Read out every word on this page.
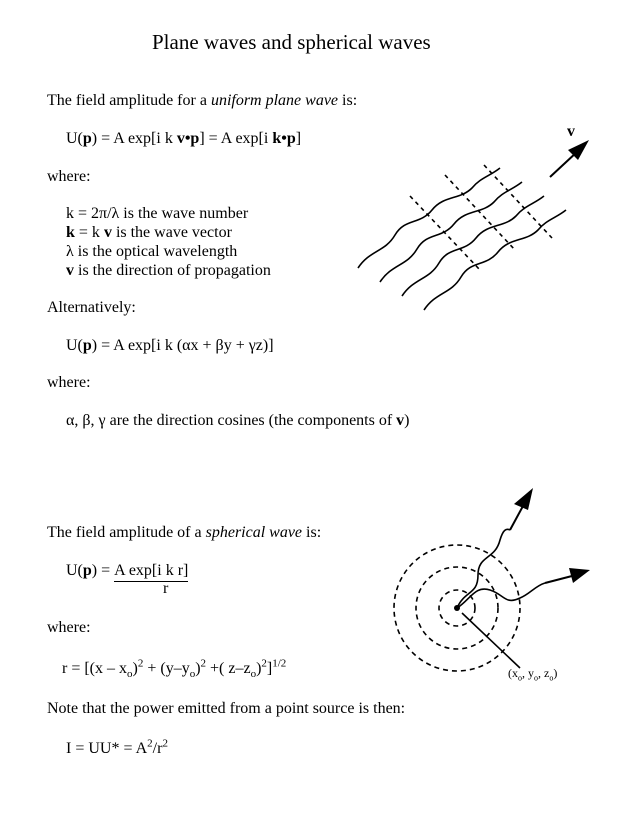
Plane waves and spherical waves
The field amplitude for a uniform plane wave is:
U(p) = A exp[i k v•p] = A exp[i k•p]
where:
k = 2π/λ is the wave number
k = k v is the wave vector
λ is the optical wavelength
v is the direction of propagation
Alternatively:
U(p) = A exp[i k (αx + βy + γz)]
where:
α, β, γ are the direction cosines (the components of v)
v
The field amplitude of a spherical wave is:
U(p) = A exp[i k r]
r
where:
$r = [(x - x_o)^2 + (y-y_o)^2$ +( $z-z_o)^2]^{1/2}$
Note that the power emitted from a point source is then:
$I = UU* = A^2/r^2$
($x_o$, $y_o$, $z_o$)
